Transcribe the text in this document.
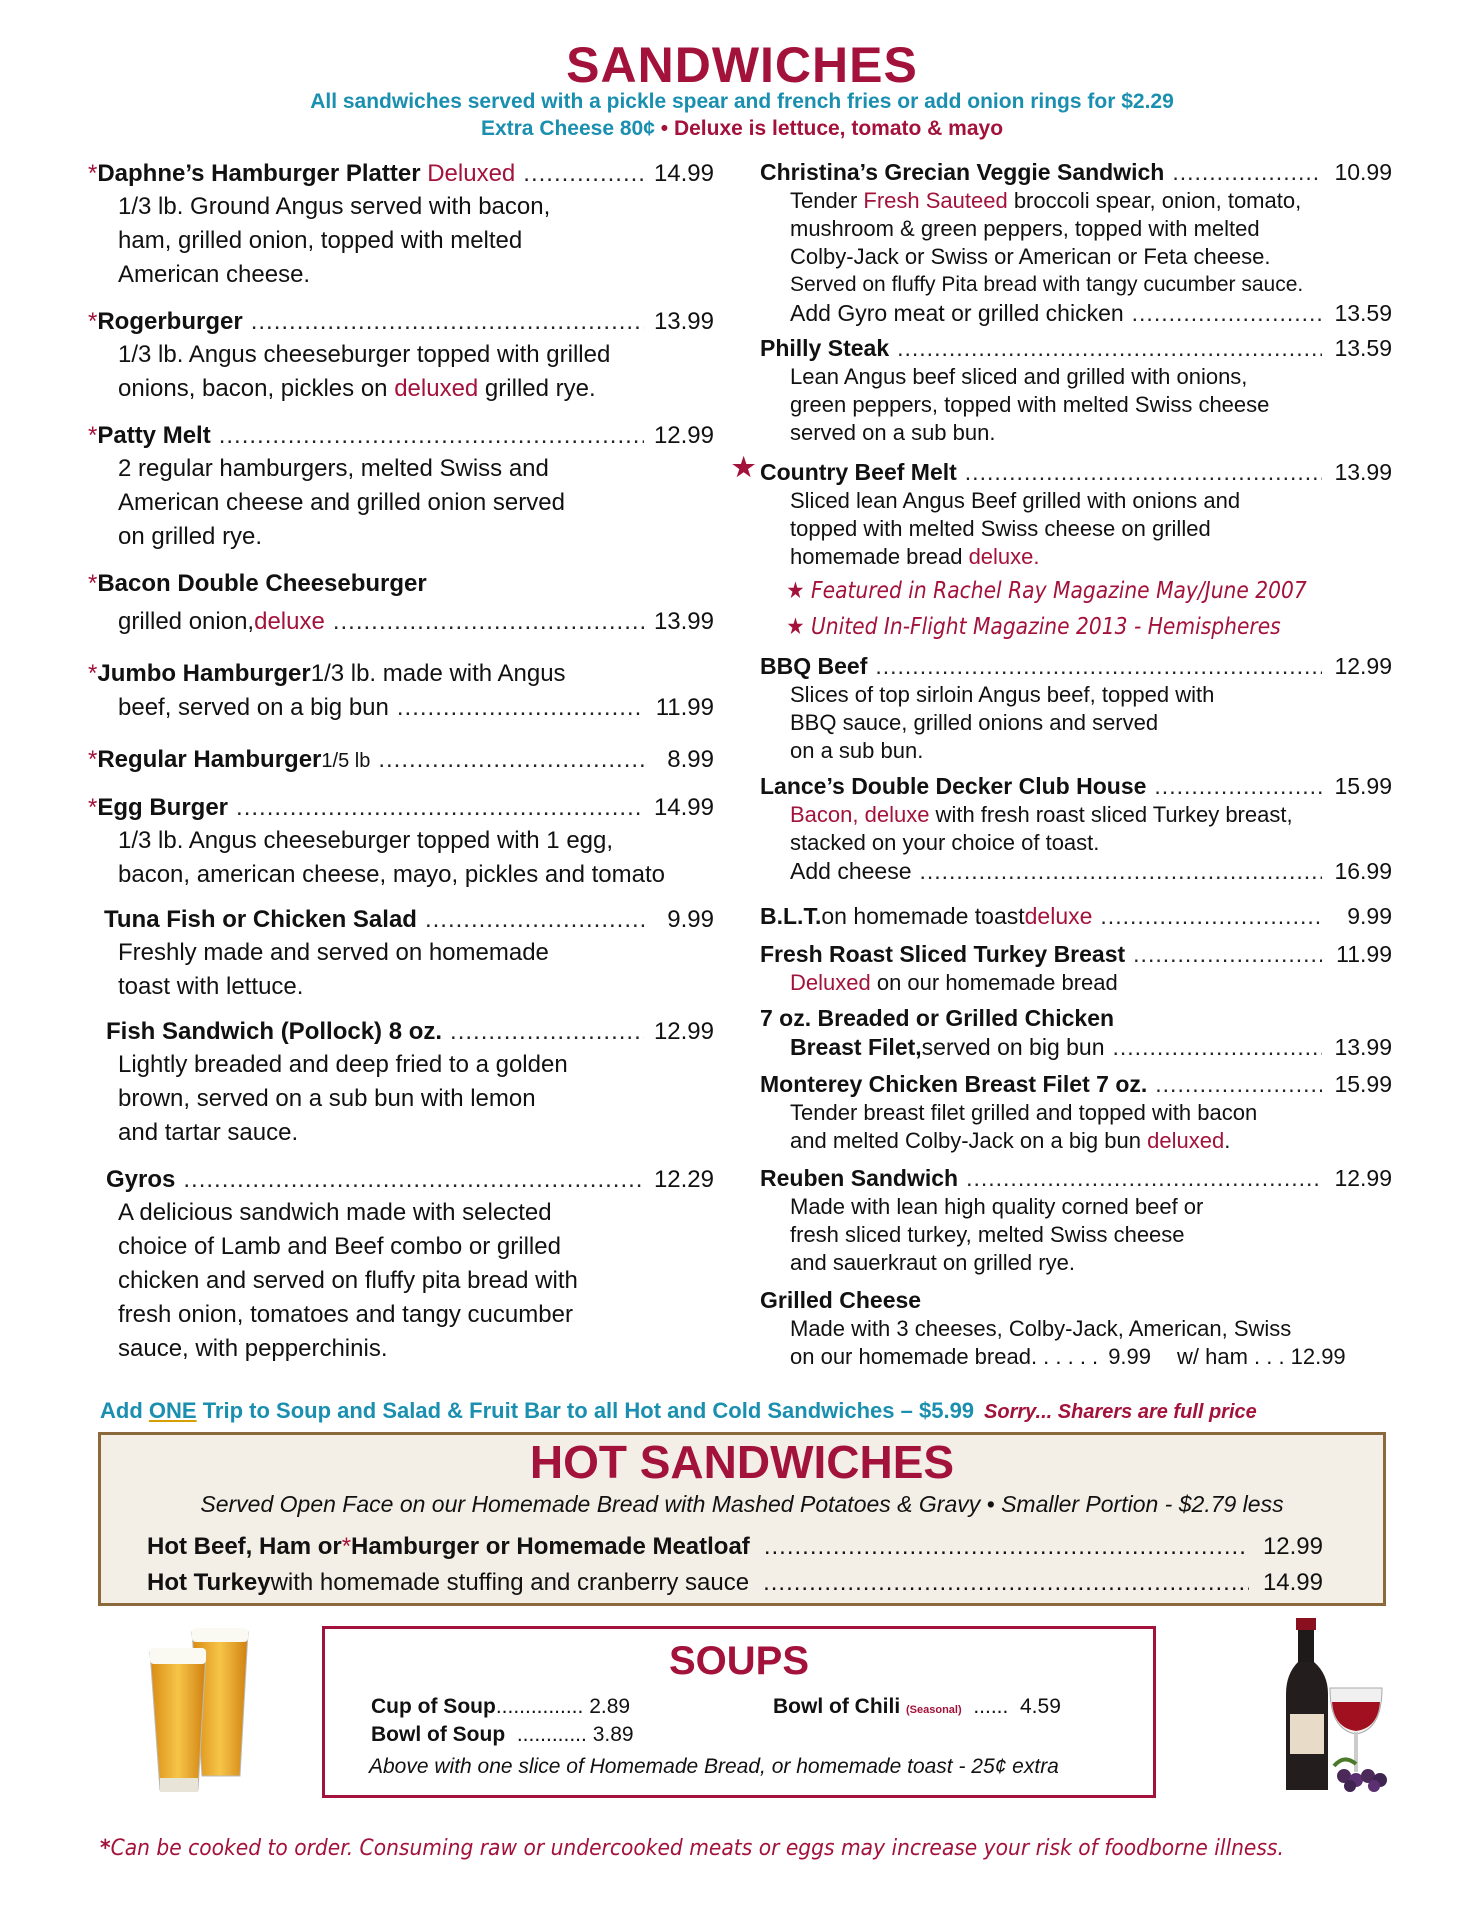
SANDWICHES
All sandwiches served with a pickle spear and french fries or add onion rings for $2.29
Extra Cheese 80¢ • Deluxe is lettuce, tomato & mayo
* Daphne’s Hamburger Platter
Deluxed .....	14.99
1/3 lb. Ground Angus served with bacon,
ham, grilled onion, topped with melted
American cheese.
* Rogerburger .....	13.99
1/3 lb. Angus cheeseburger topped with grilled
onions, bacon, pickles on deluxed grilled rye.
* Patty Melt .....	12.99
2 regular hamburgers, melted Swiss and
American cheese and grilled onion served
on grilled rye.
* Bacon Double Cheeseburger
grilled onion, deluxe .....	13.99
* Jumbo Hamburger 1/3 lb. made with Angus
beef, served on a big bun .....	11.99
* Regular Hamburger 1/5 lb .....	8.99
* Egg Burger .....	14.99
1/3 lb. Angus cheeseburger topped with 1 egg,
bacon, american cheese, mayo, pickles and tomato
Tuna Fish or Chicken Salad .....	9.99
Freshly made and served on homemade
toast with lettuce.
Fish Sandwich (Pollock) 8 oz. .....	12.99
Lightly breaded and deep fried to a golden
brown, served on a sub bun with lemon
and tartar sauce.
Gyros .....	12.29
A delicious sandwich made with selected
choice of Lamb and Beef combo or grilled
chicken and served on fluffy pita bread with
fresh onion, tomatoes and tangy cucumber
sauce, with pepperchinis.
Christina’s Grecian Veggie Sandwich .....	10.99
Tender Fresh Sauteed broccoli spear, onion, tomato,
mushroom & green peppers, topped with melted
Colby-Jack or Swiss or American or Feta cheese.
Served on fluffy Pita bread with tangy cucumber sauce.
Add Gyro meat or grilled chicken .....	13.59
Philly Steak .....	13.59
Lean Angus beef sliced and grilled with onions,
green peppers, topped with melted Swiss cheese
served on a sub bun.
★ Country Beef Melt .....	13.99
Sliced lean Angus Beef grilled with onions and
topped with melted Swiss cheese on grilled
homemade bread deluxe.
★ Featured in Rachel Ray Magazine May/June 2007
★ United In-Flight Magazine 2013 - Hemispheres
BBQ Beef .....	12.99
Slices of top sirloin Angus beef, topped with
BBQ sauce, grilled onions and served
on a sub bun.
Lance’s Double Decker Club House .....	15.99
Bacon, deluxe with fresh roast sliced Turkey breast,
stacked on your choice of toast.
Add cheese .....	16.99
B.L.T. on homemade toast deluxe .....	9.99
Fresh Roast Sliced Turkey Breast .....	11.99
Deluxed on our homemade bread
7 oz. Breaded or Grilled Chicken
Breast Filet, served on big bun .....	13.99
Monterey Chicken Breast Filet 7 oz. .....	15.99
Tender breast filet grilled and topped with bacon
and melted Colby-Jack on a big bun deluxed.
Reuben Sandwich .....	12.99
Made with lean high quality corned beef or
fresh sliced turkey, melted Swiss cheese
and sauerkraut on grilled rye.
Grilled Cheese
Made with 3 cheeses, Colby-Jack, American, Swiss
on our homemade bread . . . . . . 9.99 w/ ham . . . 12.99
Add ONE Trip to Soup and Salad & Fruit Bar to all Hot and Cold Sandwiches – $5.99 Sorry... Sharers are full price
HOT SANDWICHES
Served Open Face on our Homemade Bread with Mashed Potatoes & Gravy • Smaller Portion - $2.79 less
Hot Beef, Ham or * Hamburger or Homemade Meatloaf .....	12.99
Hot Turkey with homemade stuffing and cranberry sauce .....	14.99
SOUPS
Cup of Soup............... 2.89
Bowl of Soup ............ 3.89
Bowl of Chili (Seasonal) ...... 4.59
Above with one slice of Homemade Bread, or homemade toast - 25¢ extra
*Can be cooked to order. Consuming raw or undercooked meats or eggs may increase your risk of foodborne illness.
